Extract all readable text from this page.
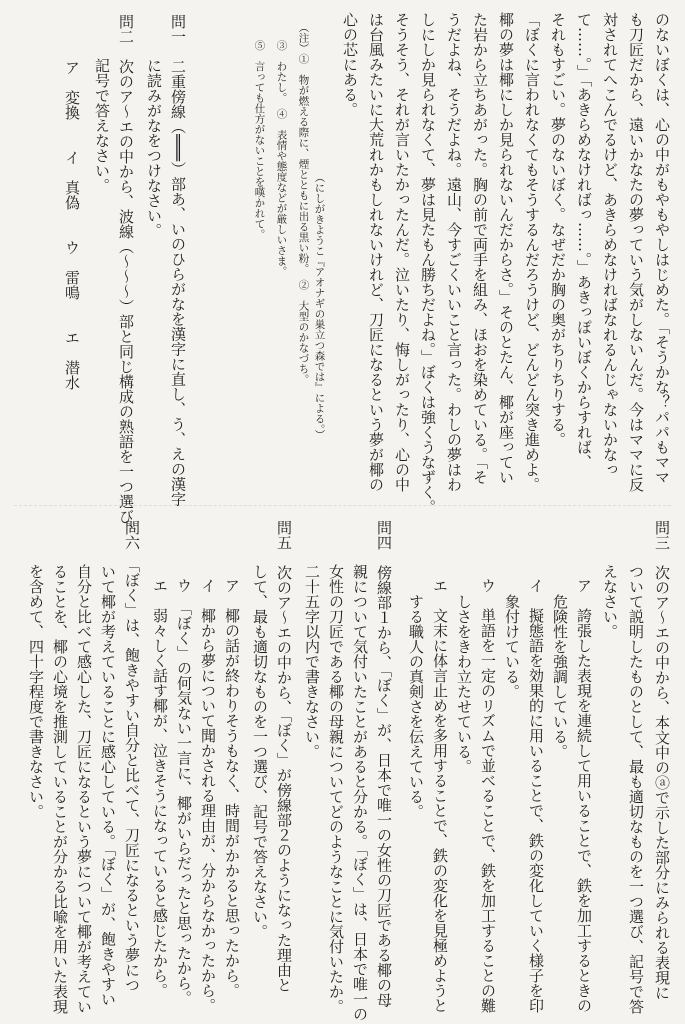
のないぼくは、心の中がもやもやしはじめた。「そうかな？パパもママ
も刀匠だから、遠いかなたの夢っていう気がしないんだ。今はママに反
対されてへこんでるけど、あきらめなければなれるんじゃないかなっ
て……。」「あきらめなければっ……。」あきっぽいぼくからすれば、
それもすごい。夢のないぼく。なぜだか胸の奥がちりちりする。
「ぼくに言われなくてもそうするんだろうけど、どんどん突き進めよ。
椰の夢は椰にしか見られないんだからさ。」そのとたん、椰が座ってい
た岩から立ちあがった。胸の前で両手を組み、ほおを染めている。「そ
うだよね、そうだよね。遠山、今すごくいいこと言った。わしの夢はわ
しにしか見られなくて、夢は見たもん勝ちだよね。」ぼくは強くうなずく。
そうそう、それが言いたかったんだ。泣いたり、悔しがったり、心の中
は台風みたいに大荒れかもしれないけれど、刀匠になるという夢が椰の
心の芯にある。
（にしがきようこ『アオナギの巣立つ森では』による。）
（注）①　物が燃える際に、煙とともに出る黒い粉。　②　大型のかなづち。
③　わたし。　④　表情や態度などが厳しいさま。
⑤　言っても仕方がないことを嘆かれて。
問一　二重傍線（═══）部あ、いのひらがなを漢字に直し、う、えの漢字
に読みがなをつけなさい。
問二　次のア～エの中から、波線（～～～）部と同じ構成の熟語を一つ選び、
記号で答えなさい。
ア　変換
イ　真偽
ウ　雷鳴
エ　潜水
問三　次のア～エの中から、本文中のⓐで示した部分にみられる表現に
ついて説明したものとして、最も適切なものを一つ選び、記号で答
えなさい。
ア　誇張した表現を連続して用いることで、鉄を加工するときの
危険性を強調している。
イ　擬態語を効果的に用いることで、鉄の変化していく様子を印
象付けている。
ウ　単語を一定のリズムで並べることで、鉄を加工することの難
しさをきわ立たせている。
エ　文末に体言止めを多用することで、鉄の変化を見極めようと
する職人の真剣さを伝えている。
問四　傍線部１から、「ぼく」が、日本で唯一の女性の刀匠である椰の母
親について気付いたことがあると分かる。「ぼく」は、日本で唯一の
女性の刀匠である椰の母親についてどのようなことに気付いたか。
二十五字以内で書きなさい。
問五　次のア～エの中から、「ぼく」が傍線部２のようになった理由と
して、最も適切なものを一つ選び、記号で答えなさい。
ア　椰の話が終わりそうもなく、時間がかかると思ったから。
イ　椰から夢について聞かされる理由が、分からなかったから。
ウ　「ぼく」の何気ない一言に、椰がいらだったと思ったから。
エ　弱々しく話す椰が、泣きそうになっていると感じたから。
問六　「ぼく」は、飽きやすい自分と比べて、刀匠になるという夢につ
いて椰が考えていることに感心している。「ぼく」が、飽きやすい
自分と比べて感心した、刀匠になるという夢について椰が考えてい
ることを、椰の心境を推測していることが分かる比喩を用いた表現
を含めて、四十字程度で書きなさい。
